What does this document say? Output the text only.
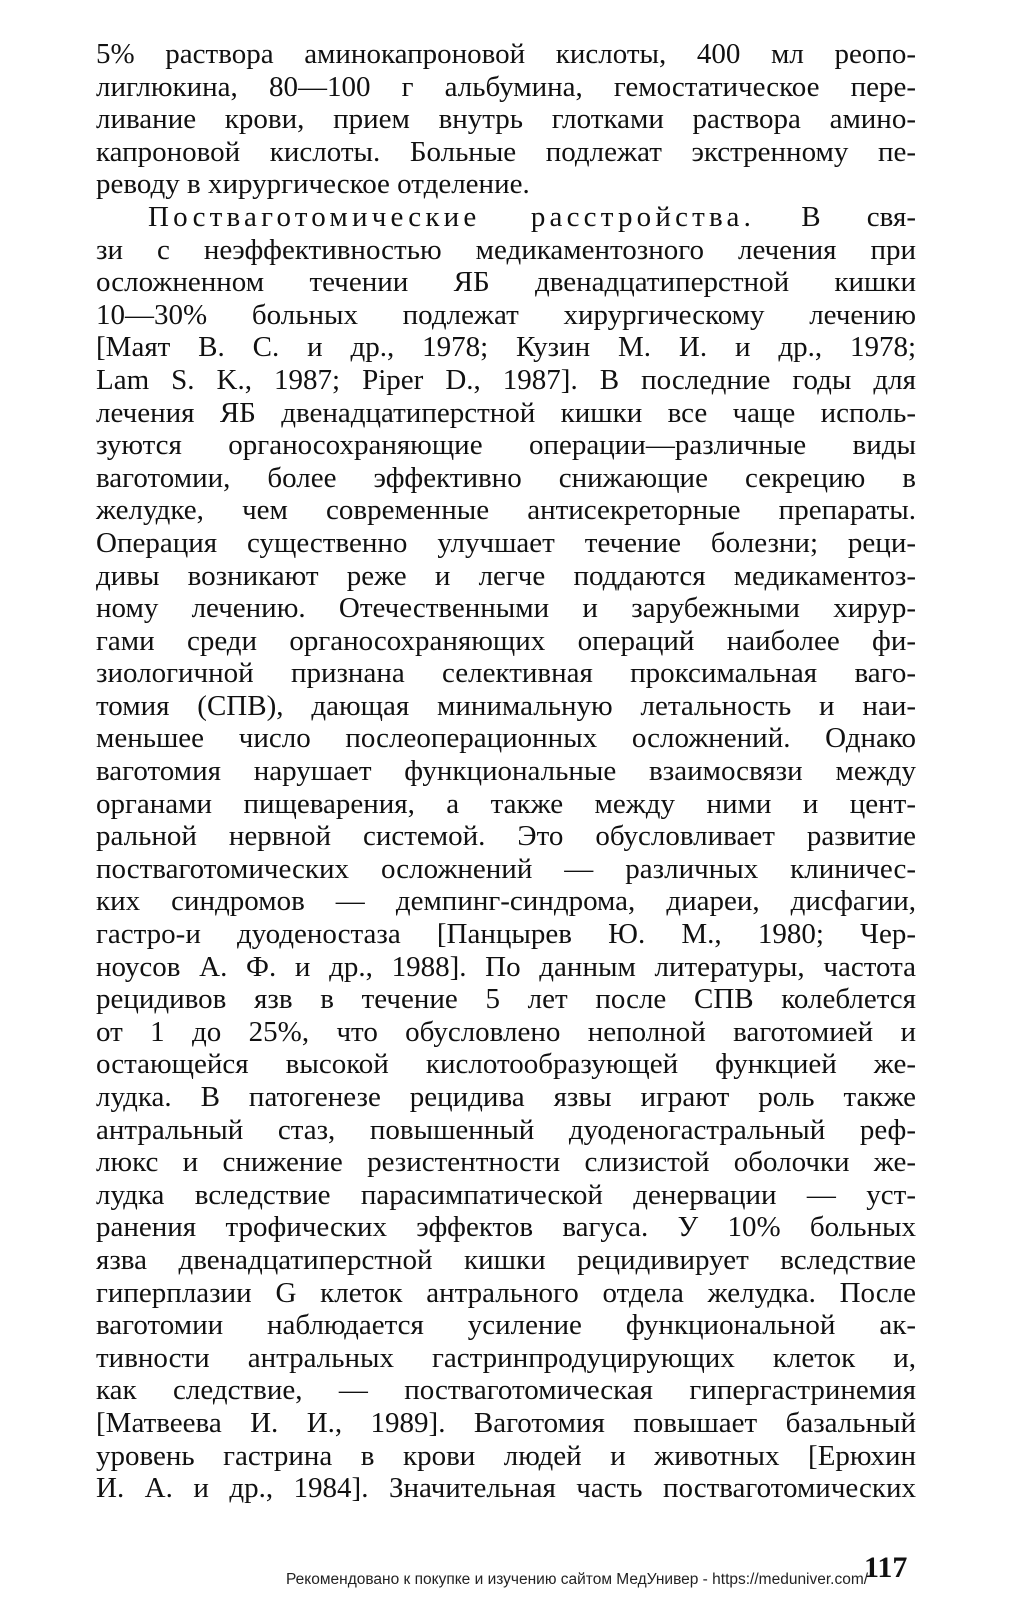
5% раствора аминокапроновой кислоты, 400 мл реопо-
лиглюкина, 80—100 г альбумина, гемостатическое пере-
ливание крови, прием внутрь глотками раствора амино-
капроновой кислоты. Больные подлежат экстренному пе-
реводу в хирургическое отделение.
Постваготомические расстройства. В свя-
зи с неэффективностью медикаментозного лечения при
осложненном течении ЯБ двенадцатиперстной кишки
10—30% больных подлежат хирургическому лечению
[Маят В. С. и др., 1978; Кузин М. И. и др., 1978;
Lam S. K., 1987; Piper D., 1987]. В последние годы для
лечения ЯБ двенадцатиперстной кишки все чаще исполь-
зуются органосохраняющие операции—различные виды
ваготомии, более эффективно снижающие секрецию в
желудке, чем современные антисекреторные препараты.
Операция существенно улучшает течение болезни; реци-
дивы возникают реже и легче поддаются медикаментоз-
ному лечению. Отечественными и зарубежными хирур-
гами среди органосохраняющих операций наиболее фи-
зиологичной признана селективная проксимальная ваго-
томия (СПВ), дающая минимальную летальность и наи-
меньшее число послеоперационных осложнений. Однако
ваготомия нарушает функциональные взаимосвязи между
органами пищеварения, а также между ними и цент-
ральной нервной системой. Это обусловливает развитие
постваготомических осложнений — различных клиничес-
ких синдромов — демпинг-синдрома, диареи, дисфагии,
гастро-и дуоденостаза [Панцырев Ю. М., 1980; Чер-
ноусов А. Ф. и др., 1988]. По данным литературы, частота
рецидивов язв в течение 5 лет после СПВ колеблется
от 1 до 25%, что обусловлено неполной ваготомией и
остающейся высокой кислотообразующей функцией же-
лудка. В патогенезе рецидива язвы играют роль также
антральный стаз, повышенный дуоденогастральный реф-
люкс и снижение резистентности слизистой оболочки же-
лудка вследствие парасимпатической денервации — уст-
ранения трофических эффектов вагуса. У 10% больных
язва двенадцатиперстной кишки рецидивирует вследствие
гиперплазии G клеток антрального отдела желудка. После
ваготомии наблюдается усиление функциональной ак-
тивности антральных гастринпродуцирующих клеток и,
как следствие, — постваготомическая гипергастринемия
[Матвеева И. И., 1989]. Ваготомия повышает базальный
уровень гастрина в крови людей и животных [Ерюхин
И. А. и др., 1984]. Значительная часть постваготомических
117
Рекомендовано к покупке и изучению сайтом МедУнивер - https://meduniver.com/
